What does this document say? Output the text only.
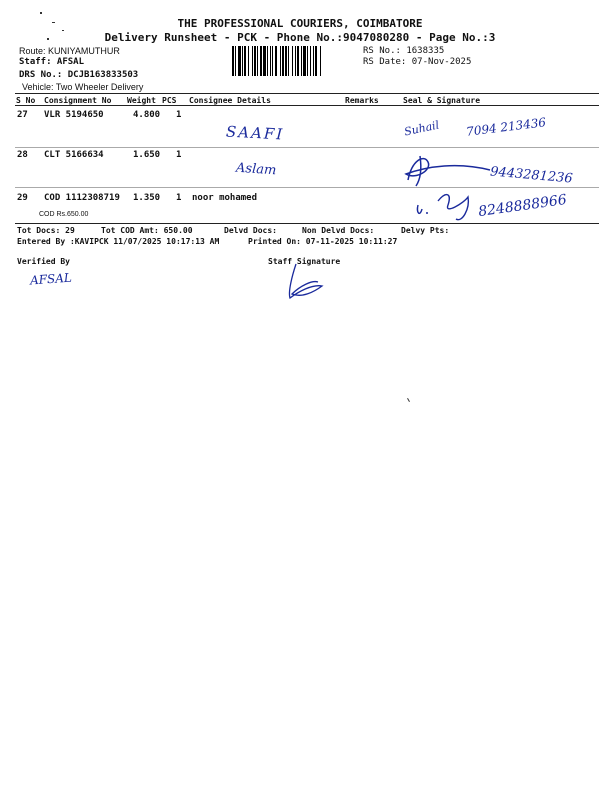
THE PROFESSIONAL COURIERS, COIMBATORE
Delivery Runsheet - PCK - Phone No.:9047080280 - Page No.:3
Route: KUNIYAMUTHUR
Staff: AFSAL
DRS No.: DCJB163833503
Vehicle: Two Wheeler Delivery
RS No.: 1638335
RS Date: 07-Nov-2025
S No Consignment No Weight PCS Consignee Details	Remarks	Seal & Signature
27 VLR 5194650	4.800 1
SAAFI	Suhail 7094 213436
28 CLT 5166634	1.650 1
Aslam	9443281236
29 COD 1112308719 1.350 1 noor mohamed
COD Rs.650.00	8248888966
Tot Docs: 29	Tot COD Amt: 650.00	Delvd Docs:	Non Delvd Docs:	Delvy Pts:
Entered By :KAVIPCK 11/07/2025 10:17:13 AM	Printed On: 07-11-2025 10:11:27
Verified By
AFSAL
Staff Signature
